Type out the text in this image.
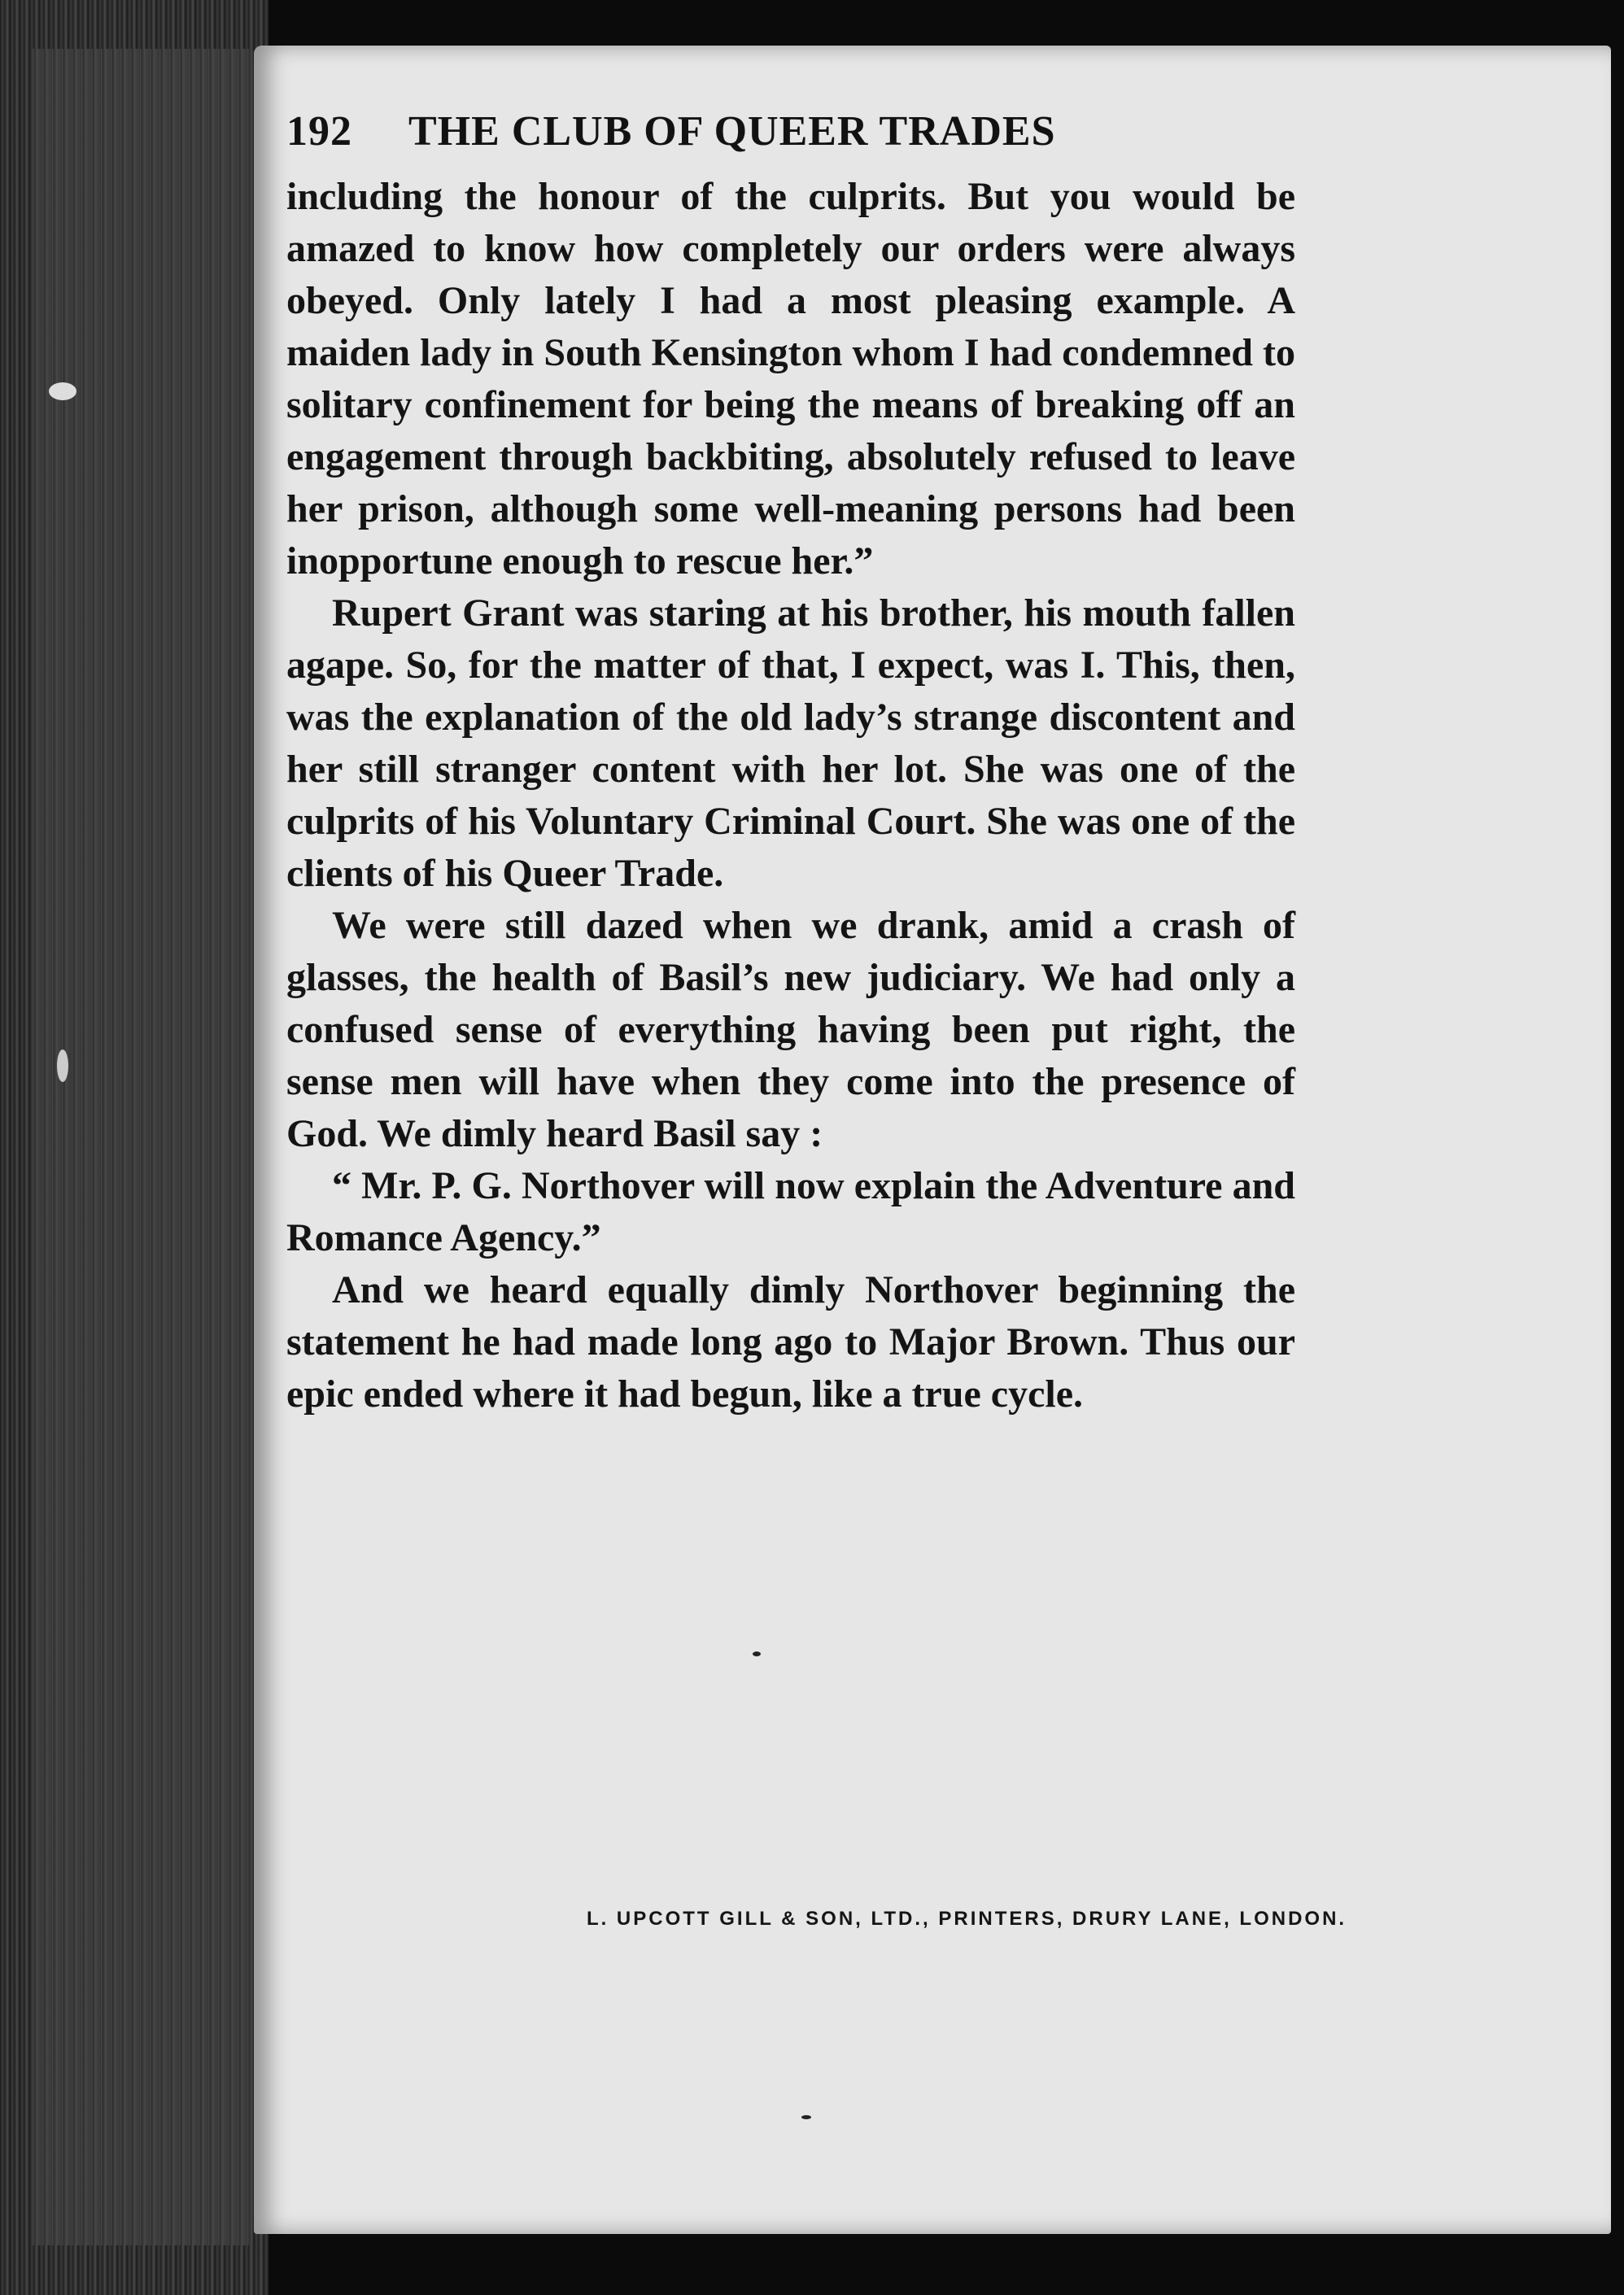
192	THE CLUB OF QUEER TRADES

including the honour of the culprits. But you would be amazed to know how completely our orders were always obeyed. Only lately I had a most pleasing example. A maiden lady in South Kensington whom I had condemned to solitary confinement for being the means of breaking off an engagement through backbiting, absolutely refused to leave her prison, although some well-meaning persons had been inopportune enough to rescue her.”

Rupert Grant was staring at his brother, his mouth fallen agape. So, for the matter of that, I expect, was I. This, then, was the explanation of the old lady’s strange discontent and her still stranger content with her lot. She was one of the culprits of his Voluntary Criminal Court. She was one of the clients of his Queer Trade.

We were still dazed when we drank, amid a crash of glasses, the health of Basil’s new judiciary. We had only a confused sense of everything having been put right, the sense men will have when they come into the presence of God. We dimly heard Basil say :

“ Mr. P. G. Northover will now explain the Adventure and Romance Agency.”

And we heard equally dimly Northover beginning the statement he had made long ago to Major Brown. Thus our epic ended where it had begun, like a true cycle.

L. UPCOTT GILL & SON, LTD., PRINTERS, DRURY LANE, LONDON.
